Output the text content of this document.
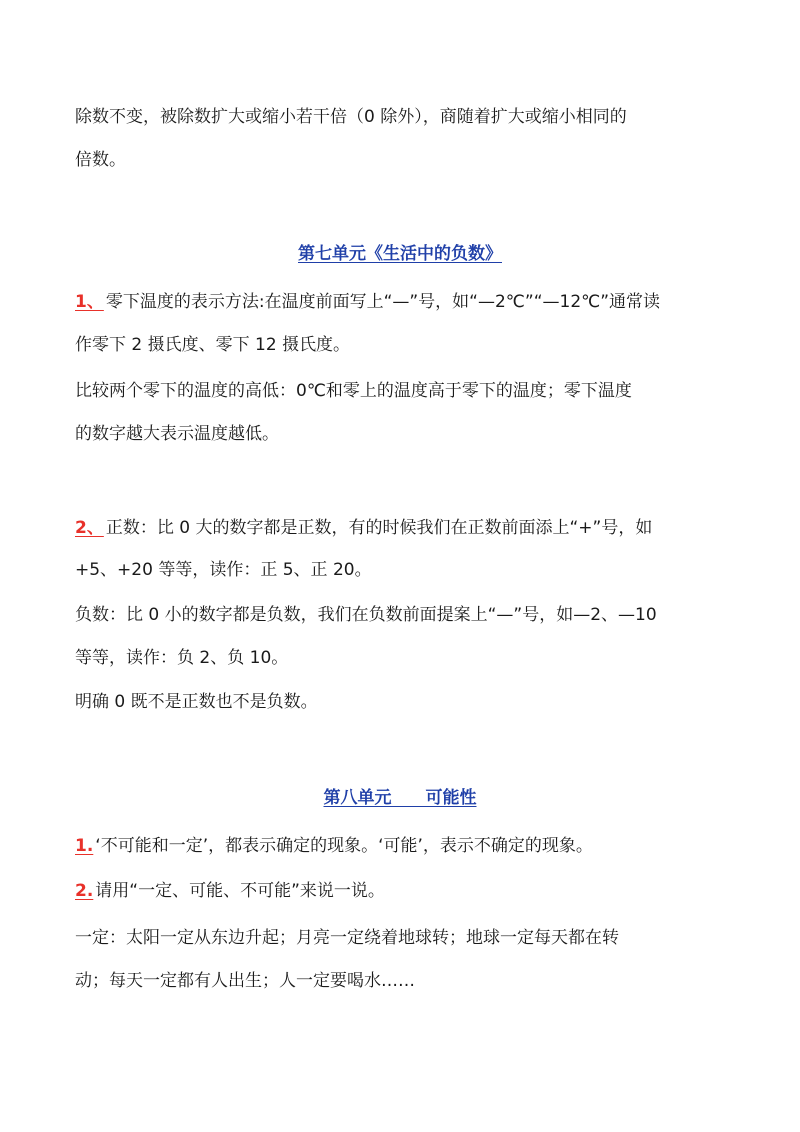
除数不变，被除数扩大或缩小若干倍（0 除外），商随着扩大或缩小相同的
倍数。
第七单元《生活中的负数》
1、 零下温度的表示方法:在温度前面写上“—”号，如“—2℃”“—12℃”通常读
作零下 2 摄氏度、零下 12 摄氏度。
比较两个零下的温度的高低：0℃和零上的温度高于零下的温度；零下温度
的数字越大表示温度越低。
2、 正数：比 0 大的数字都是正数，有的时候我们在正数前面添上“+”号，如
+5、+20 等等，读作：正 5、正 20。
负数：比 0 小的数字都是负数，我们在负数前面提案上“—”号，如—2、—10
等等，读作：负 2、负 10。
明确 0 既不是正数也不是负数。
第八单元　　可能性
1. ‘不可能和一定’，都表示确定的现象。‘可能’，表示不确定的现象。
2. 请用“一定、可能、不可能”来说一说。
一定：太阳一定从东边升起；月亮一定绕着地球转；地球一定每天都在转
动；每天一定都有人出生；人一定要喝水……
